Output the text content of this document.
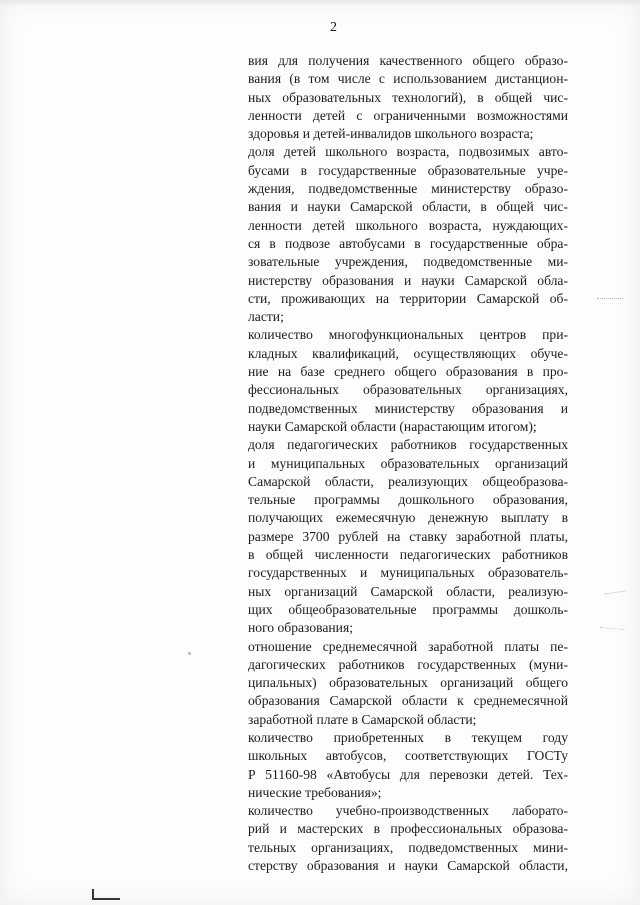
2
вия для получения качественного общего образо-
вания (в том числе с использованием дистанцион-
ных образовательных технологий), в общей чис-
ленности детей с ограниченными возможностями
здоровья и детей-инвалидов школьного возраста;
доля детей школьного возраста, подвозимых авто-
бусами в государственные образовательные учре-
ждения, подведомственные министерству образо-
вания и науки Самарской области, в общей чис-
ленности детей школьного возраста, нуждающих-
ся в подвозе автобусами в государственные обра-
зовательные учреждения, подведомственные ми-
нистерству образования и науки Самарской обла-
сти, проживающих на территории Самарской об-
ласти;
количество многофункциональных центров при-
кладных квалификаций, осуществляющих обуче-
ние на базе среднего общего образования в про-
фессиональных образовательных организациях,
подведомственных министерству образования и
науки Самарской области (нарастающим итогом);
доля педагогических работников государственных
и муниципальных образовательных организаций
Самарской области, реализующих общеобразова-
тельные программы дошкольного образования,
получающих ежемесячную денежную выплату в
размере 3700 рублей на ставку заработной платы,
в общей численности педагогических работников
государственных и муниципальных образователь-
ных организаций Самарской области, реализую-
щих общеобразовательные программы дошколь-
ного образования;
отношение среднемесячной заработной платы пе-
дагогических работников государственных (муни-
ципальных) образовательных организаций общего
образования Самарской области к среднемесячной
заработной плате в Самарской области;
количество приобретенных в текущем году
школьных автобусов, соответствующих ГОСТу
Р 51160-98 «Автобусы для перевозки детей. Тех-
нические требования»;
количество учебно-производственных лаборато-
рий и мастерских в профессиональных образова-
тельных организациях, подведомственных мини-
стерству образования и науки Самарской области,
